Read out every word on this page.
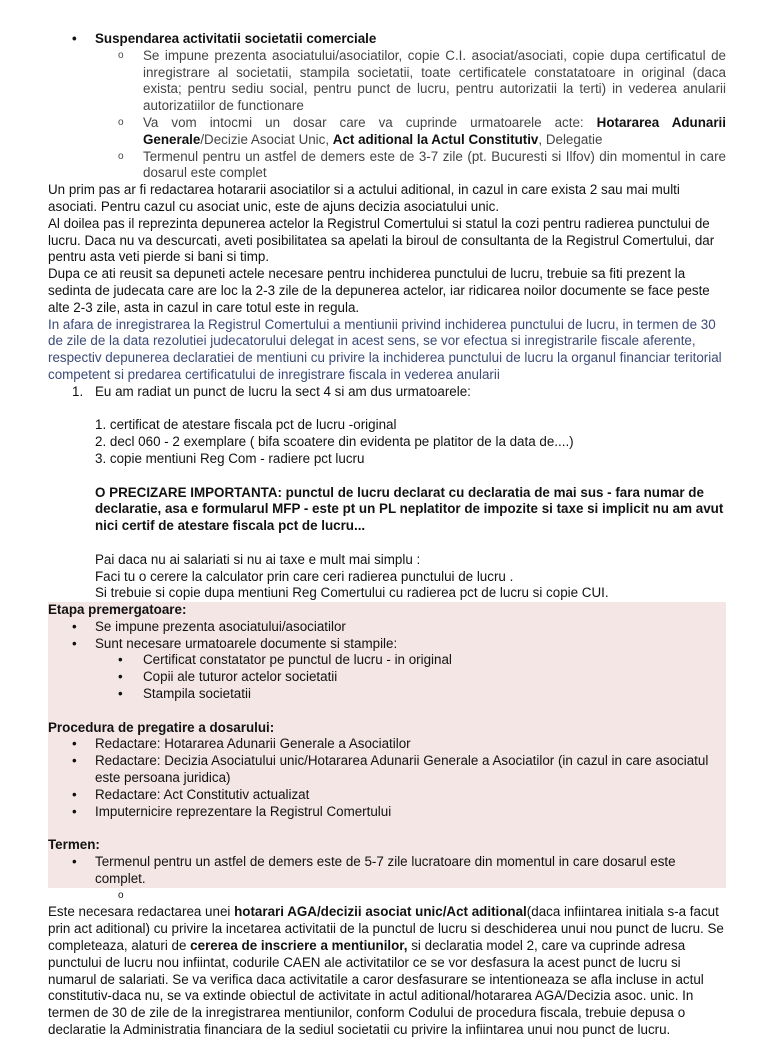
• Suspendarea activitatii societatii comerciale
o Se impune prezenta asociatului/asociatilor, copie C.I. asociat/asociati, copie dupa certificatul de inregistrare al societatii, stampila societatii, toate certificatele constatatoare in original (daca exista; pentru sediu social, pentru punct de lucru, pentru autorizatii la terti) in vederea anularii autorizatiilor de functionare
o Va vom intocmi un dosar care va cuprinde urmatoarele acte: Hotararea Adunarii Generale/Decizie Asociat Unic, Act aditional la Actul Constitutiv, Delegatie
o Termenul pentru un astfel de demers este de 3-7 zile (pt. Bucuresti si Ilfov) din momentul in care dosarul este complet

Un prim pas ar fi redactarea hotararii asociatilor si a actului aditional, in cazul in care exista 2 sau mai multi asociati. Pentru cazul cu asociat unic, este de ajuns decizia asociatului unic.

Al doilea pas il reprezinta depunerea actelor la Registrul Comertului si statul la cozi pentru radierea punctului de lucru. Daca nu va descurcati, aveti posibilitatea sa apelati la biroul de consultanta de la Registrul Comertului, dar pentru asta veti pierde si bani si timp.

Dupa ce ati reusit sa depuneti actele necesare pentru inchiderea punctului de lucru, trebuie sa fiti prezent la sedinta de judecata care are loc la 2-3 zile de la depunerea actelor, iar ridicarea noilor documente se face peste alte 2-3 zile, asta in cazul in care totul este in regula.

In afara de inregistrarea la Registrul Comertului a mentiunii privind inchiderea punctului de lucru, in termen de 30 de zile de la data rezolutiei judecatorului delegat in acest sens, se vor efectua si inregistrarile fiscale aferente, respectiv depunerea declaratiei de mentiuni cu privire la inchiderea punctului de lucru la organul financiar teritorial competent si predarea certificatului de inregistrare fiscala in vederea anularii

1. Eu am radiat un punct de lucru la sect 4 si am dus urmatoarele:
1. certificat de atestare fiscala pct de lucru -original
2. decl 060 - 2 exemplare ( bifa scoatere din evidenta pe platitor de la data de....)
3. copie mentiuni Reg Com - radiere pct lucru
O PRECIZARE IMPORTANTA: punctul de lucru declarat cu declaratia de mai sus - fara numar de declaratie, asa e formularul MFP - este pt un PL neplatitor de impozite si taxe si implicit nu am avut nici certif de atestare fiscala pct de lucru...
Pai daca nu ai salariati si nu ai taxe e mult mai simplu :
Faci tu o cerere la calculator prin care ceri radierea punctului de lucru .
Si trebuie si copie dupa mentiuni Reg Comertului cu radierea pct de lucru si copie CUI.
Etapa premergatoare:
• Se impune prezenta asociatului/asociatilor
• Sunt necesare urmatoarele documente si stampile:
• Certificat constatator pe punctul de lucru - in original
• Copii ale tuturor actelor societatii
• Stampila societatii
Procedura de pregatire a dosarului:
• Redactare: Hotararea Adunarii Generale a Asociatilor
• Redactare: Decizia Asociatului unic/Hotararea Adunarii Generale a Asociatilor (in cazul in care asociatul este persoana juridica)
• Redactare: Act Constitutiv actualizat
• Imputernicire reprezentare la Registrul Comertului
Termen:
• Termenul pentru un astfel de demers este de 5-7 zile lucratoare din momentul in care dosarul este complet.
o

Este necesara redactarea unei hotarari AGA/decizii asociat unic/Act aditional(daca infiintarea initiala s-a facut prin act aditional) cu privire la incetarea activitatii de la punctul de lucru si deschiderea unui nou punct de lucru. Se completeaza, alaturi de cererea de inscriere a mentiunilor, si declaratia model 2, care va cuprinde adresa punctului de lucru nou infiintat, codurile CAEN ale activitatilor ce se vor desfasura la acest punct de lucru si numarul de salariati. Se va verifica daca activitatile a caror desfasurare se intentioneaza se afla incluse in actul constitutiv-daca nu, se va extinde obiectul de activitate in actul aditional/hotararea AGA/Decizia asoc. unic. In termen de 30 de zile de la inregistrarea mentiunilor, conform Codului de procedura fiscala, trebuie depusa o declaratie la Administratia financiara de la sediul societatii cu privire la infiintarea unui nou punct de lucru.
